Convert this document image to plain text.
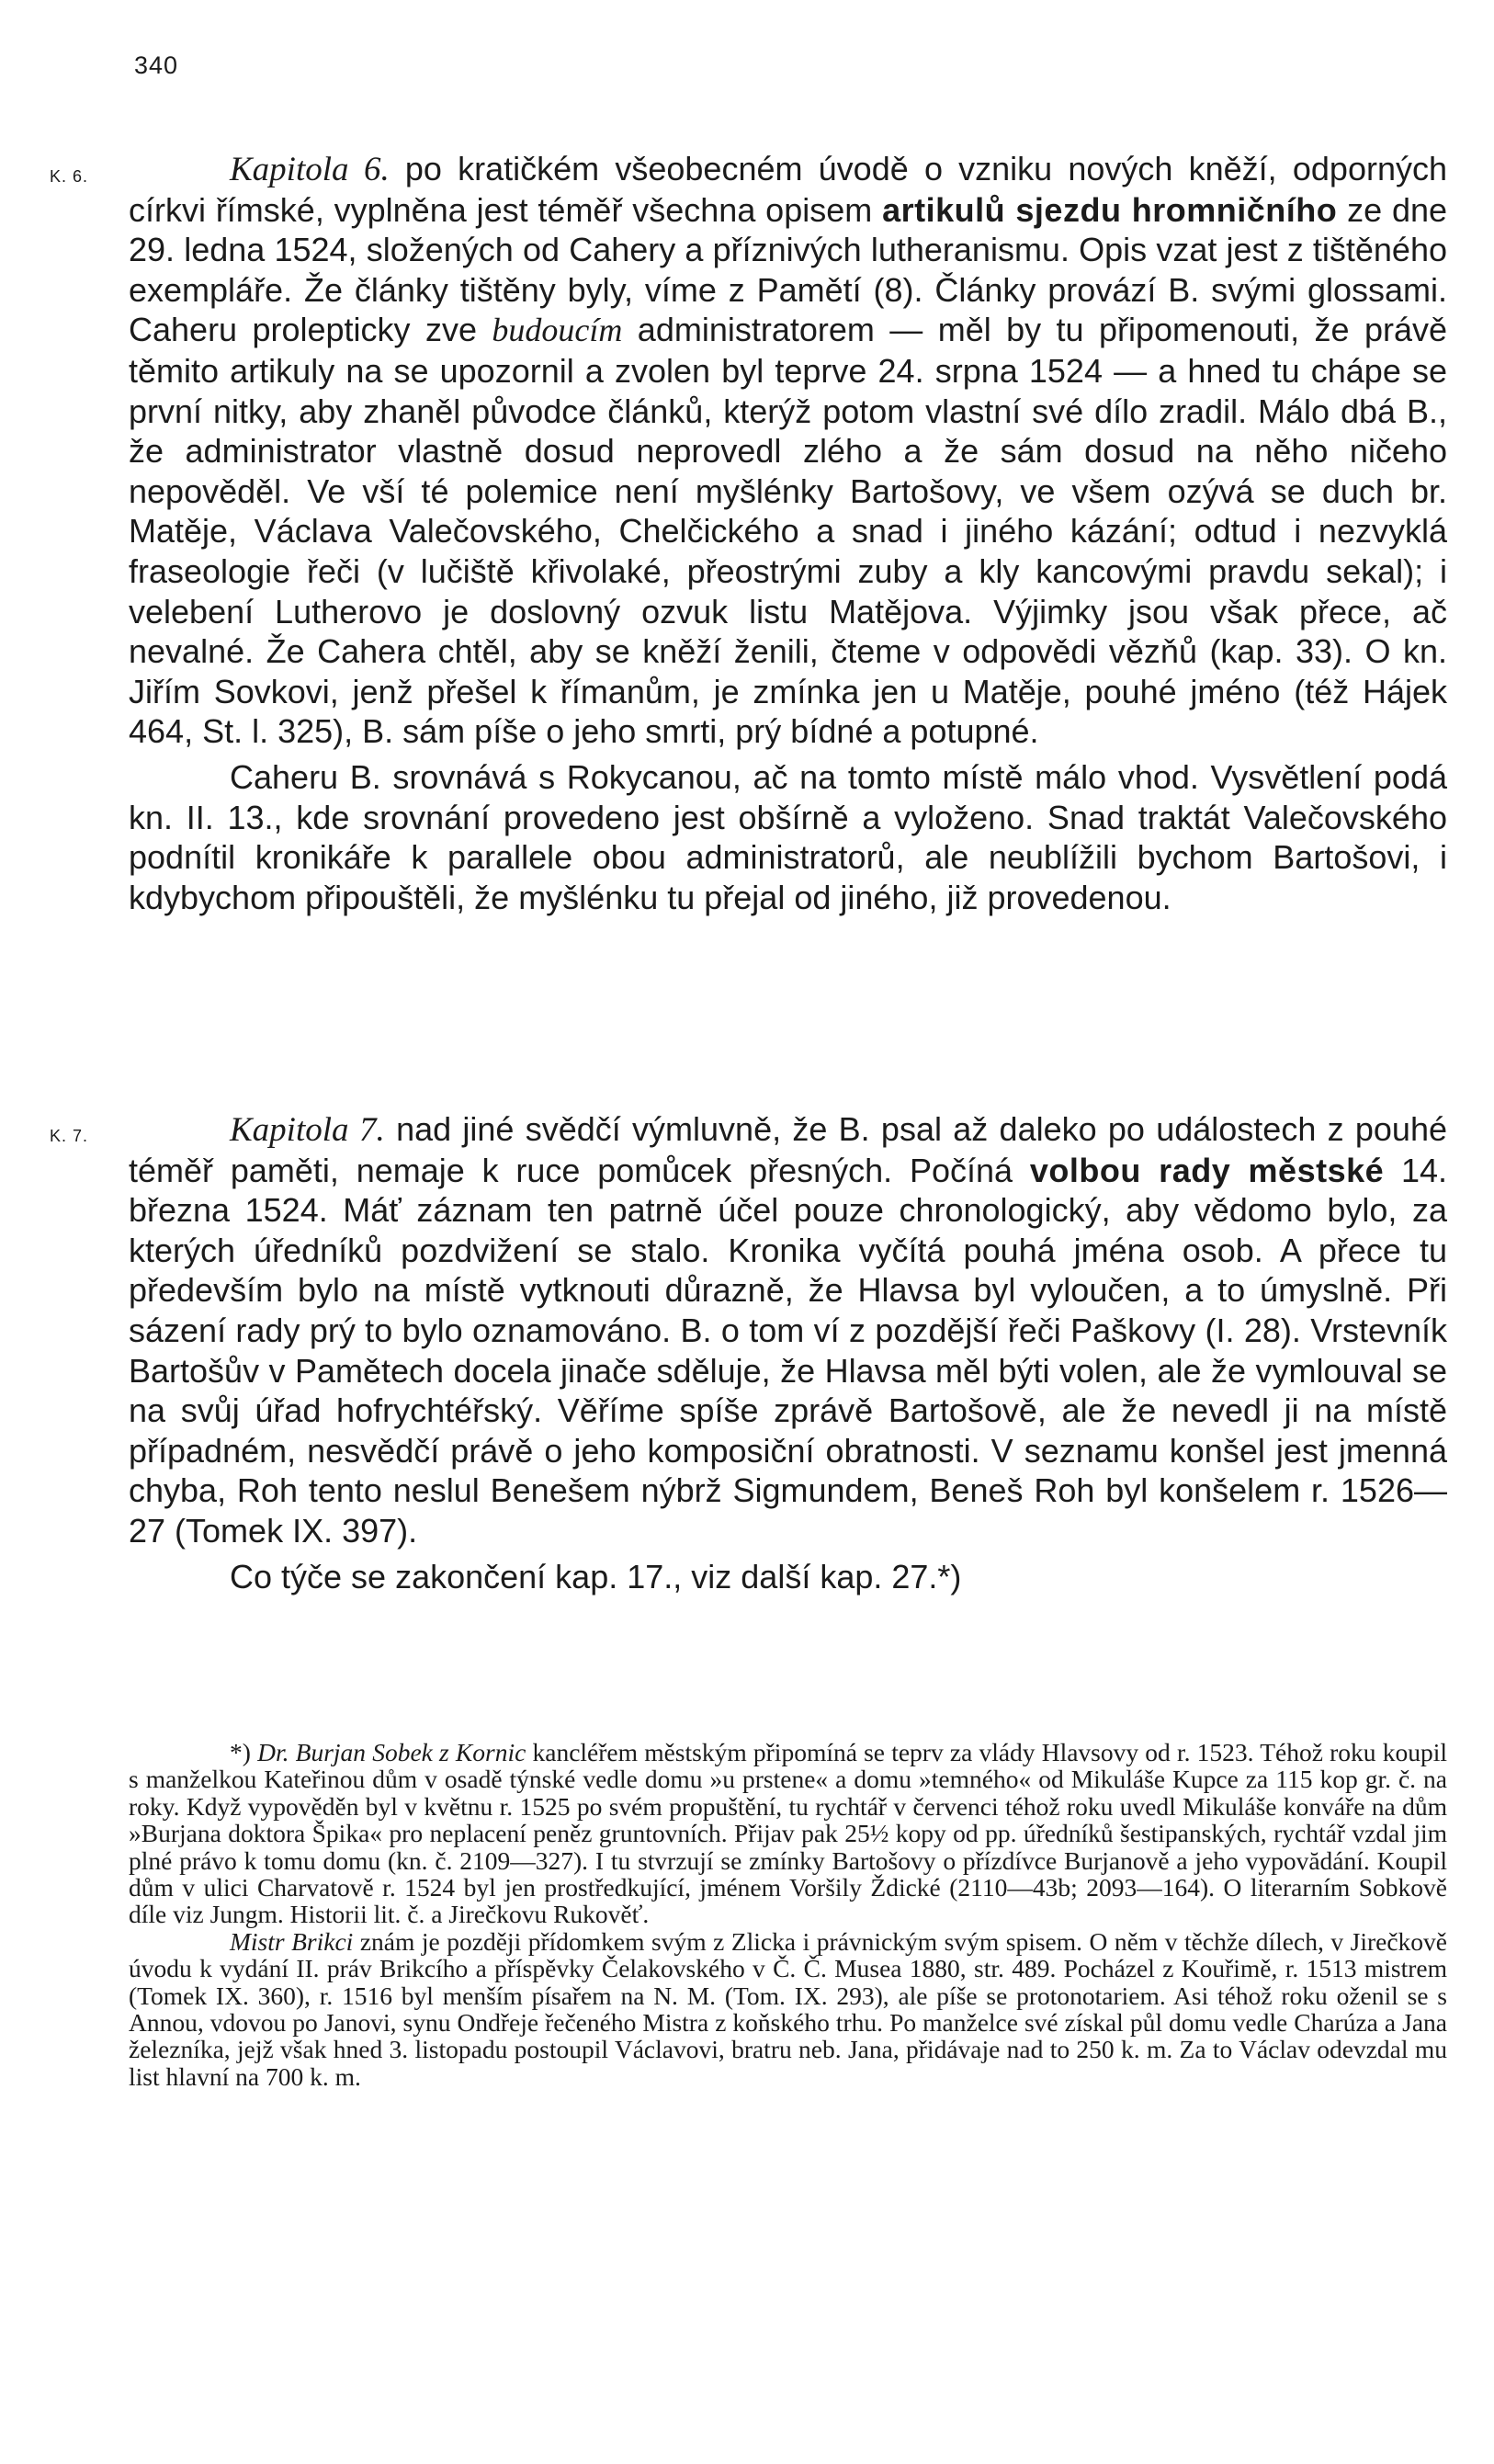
340
K. 6.
K. 7.

Kapitola 6. po kratičkém všeobecném úvodě o vzniku nových kněží, odporných církvi římské, vyplněna jest téměř všechna opisem artikulů sjezdu hromničního ze dne 29. ledna 1524, složených od Cahery a příznivých lutheranismu. Opis vzat jest z tištěného exempláře. Že články tištěny byly, víme z Pamětí (8). Články provází B. svými glossami. Caheru prolepticky zve budoucím administratorem — měl by tu připomenouti, že právě těmito artikuly na se upozornil a zvolen byl teprve 24. srpna 1524 — a hned tu chápe se první nitky, aby zhaněl původce článků, kterýž potom vlastní své dílo zradil. Málo dbá B., že administrator vlastně dosud neprovedl zlého a že sám dosud na něho ničeho nepověděl. Ve vší té polemice není myšlénky Bartošovy, ve všem ozývá se duch br. Matěje, Václava Valečovského, Chelčického a snad i jiného kázání; odtud i nezvyklá fraseologie řeči (v lučiště křivolaké, přeostrými zuby a kly kancovými pravdu sekal); i velebení Lutherovo je doslovný ozvuk listu Matějova. Výjimky jsou však přece, ač nevalné. Že Cahera chtěl, aby se kněží ženili, čteme v odpovědi vězňů (kap. 33). O kn. Jiřím Sovkovi, jenž přešel k římanům, je zmínka jen u Matěje, pouhé jméno (též Hájek 464, St. l. 325), B. sám píše o jeho smrti, prý bídné a potupné.

Caheru B. srovnává s Rokycanou, ač na tomto místě málo vhod. Vysvětlení podá kn. II. 13., kde srovnání provedeno jest obšírně a vyloženo. Snad traktát Valečovského podnítil kronikáře k parallele obou administratorů, ale neublížili bychom Bartošovi, i kdybychom připouštěli, že myšlénku tu přejal od jiného, již provedenou.

Kapitola 7. nad jiné svědčí výmluvně, že B. psal až daleko po událostech z pouhé téměř paměti, nemaje k ruce pomůcek přesných. Počíná volbou rady městské 14. března 1524. Máť záznam ten patrně účel pouze chronologický, aby vědomo bylo, za kterých úředníků pozdvižení se stalo. Kronika vyčítá pouhá jména osob. A přece tu především bylo na místě vytknouti důrazně, že Hlavsa byl vyloučen, a to úmyslně. Při sázení rady prý to bylo oznamováno. B. o tom ví z pozdější řeči Paškovy (I. 28). Vrstevník Bartošův v Pamětech docela jinače sděluje, že Hlavsa měl býti volen, ale že vymlouval se na svůj úřad hofrychtéřský. Věříme spíše zprávě Bartošově, ale že nevedl ji na místě případném, nesvědčí právě o jeho komposiční obratnosti. V seznamu konšel jest jmenná chyba, Roh tento neslul Benešem nýbrž Sigmundem, Beneš Roh byl konšelem r. 1526—27 (Tomek IX. 397).

Co týče se zakončení kap. 17., viz další kap. 27.*)

*) Dr. Burjan Sobek z Kornic kancléřem městským připomíná se teprv za vlády Hlavsovy od r. 1523. Téhož roku koupil s manželkou Kateřinou dům v osadě týnské vedle domu »u prstene« a domu »temného« od Mikuláše Kupce za 115 kop gr. č. na roky. Když vypověděn byl v květnu r. 1525 po svém propuštění, tu rychtář v červenci téhož roku uvedl Mikuláše konváře na dům »Burjana doktora Špika« pro neplacení peněz gruntovních. Přijav pak 25½ kopy od pp. úředníků šestipanských, rychtář vzdal jim plné právo k tomu domu (kn. č. 2109—327). I tu stvrzují se zmínky Bartošovy o přízdívce Burjanově a jeho vypovădání. Koupil dům v ulici Charvatově r. 1524 byl jen prostředkující, jménem Voršily Ždické (2110—43b; 2093—164). O literarním Sobkově díle viz Jungm. Historii lit. č. a Jirečkovu Rukověť.

Mistr Brikci znám je později přídomkem svým z Zlicka i právnickým svým spisem. O něm v těchže dílech, v Jirečkově úvodu k vydání II. práv Brikcího a příspěvky Čelakovského v Č. Č. Musea 1880, str. 489. Pocházel z Kouřimě, r. 1513 mistrem (Tomek IX. 360), r. 1516 byl menším písařem na N. M. (Tom. IX. 293), ale píše se protonotariem. Asi téhož roku oženil se s Annou, vdovou po Janovi, synu Ondřeje řečeného Mistra z koňského trhu. Po manželce své získal půl domu vedle Charúza a Jana železníka, jejž však hned 3. listopadu postoupil Václavovi, bratru neb. Jana, přidávaje nad to 250 k. m. Za to Václav odevzdal mu list hlavní na 700 k. m.
